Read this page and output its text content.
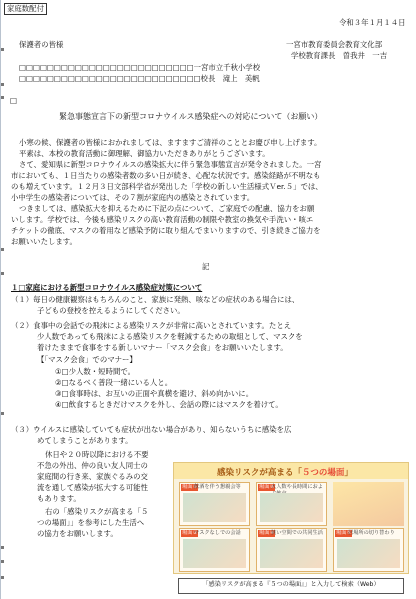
家庭数配付
令和３年１月１４日
保護者の皆様	一宮市教育委員会教育文化部
学校教育課長　曽我井　一吉
□□□□□□□□□□□□□□□□□□□□□□□□□一宮市立千秋小学校
□□□□□□□□□□□□□□□□□□□□□□□□□□校長　滝上　美帆
□
緊急事態宣言下の新型コロナウイルス感染症への対応について（お願い）
小寒の候、保護者の皆様におかれましては、ますますご清祥のこととお慶び申し上げます。
平素は、本校の教育活動に御理解、御協力いただきありがとうございます。
さて、愛知県に新型コロナウイルスの感染拡大に伴う緊急事態宣言が発令されました。一宮
市においても、１日当たりの感染者数の多い日が続き、心配な状況です。感染経路が不明なも
のも増えています。１２月３日文部科学省が発出した「学校の新しい生活様式Ｖer.５」では、
小中学生の感染者については、その７割が家庭内の感染とされています。
つきましては、感染拡大を抑えるために下記の点について、ご家庭での配慮、協力をお願
いします。学校では、今後も感染リスクの高い教育活動の制限や教室の換気や手洗い・咳エ
チケットの徹底、マスクの着用など感染予防に取り組んでまいりますので、引き続きご協力を
お願いいたします。
記
１□家庭における新型コロナウイルス感染症対策について
（１）毎日の健康観察はもちろんのこと、家族に発熱、咳などの症状のある場合には、
子どもの登校を控えるようにしてください。
（２）食事中の会話での飛沫による感染リスクが非常に高いとされています。たとえ
少人数であっても飛沫による感染リスクを軽減するための取組として、マスクを
着けたままで食事をする新しいマナー「マスク会食」をお願いいたします。
【「マスク会食」でのマナー】
①□少人数・短時間で。
②□なるべく普段一緒にいる人と。
③□食事時は、お互いの正面や真横を避け、斜め向かいに。
④□飲食するときだけマスクを外し、会話の際にはマスクを着けて。
（３）ウイルスに感染していても症状が出ない場合があり、知らないうちに感染を広
めてしまうことがあります。
休日や２０時以降における不要
不急の外出、仲の良い友人同士の
家庭間の行き来、家族ぐるみの交
流を通して感染が拡大する可能性
もあります。
右の「感染リスクが高まる「５
つの場面」」を参考にした生活へ
の協力をお願いします。
感染リスクが高まる「５つの場面」
場面①
飲酒を伴う懇親会等	場面②
大人数や長時間におよ
場面③
マスクなしでの会話	場面④
狭い空間での共同生活 場面⑤
居場所の切り替わり
「感染リスクが高まる『５つの場面』」と入力して検索（Web）
